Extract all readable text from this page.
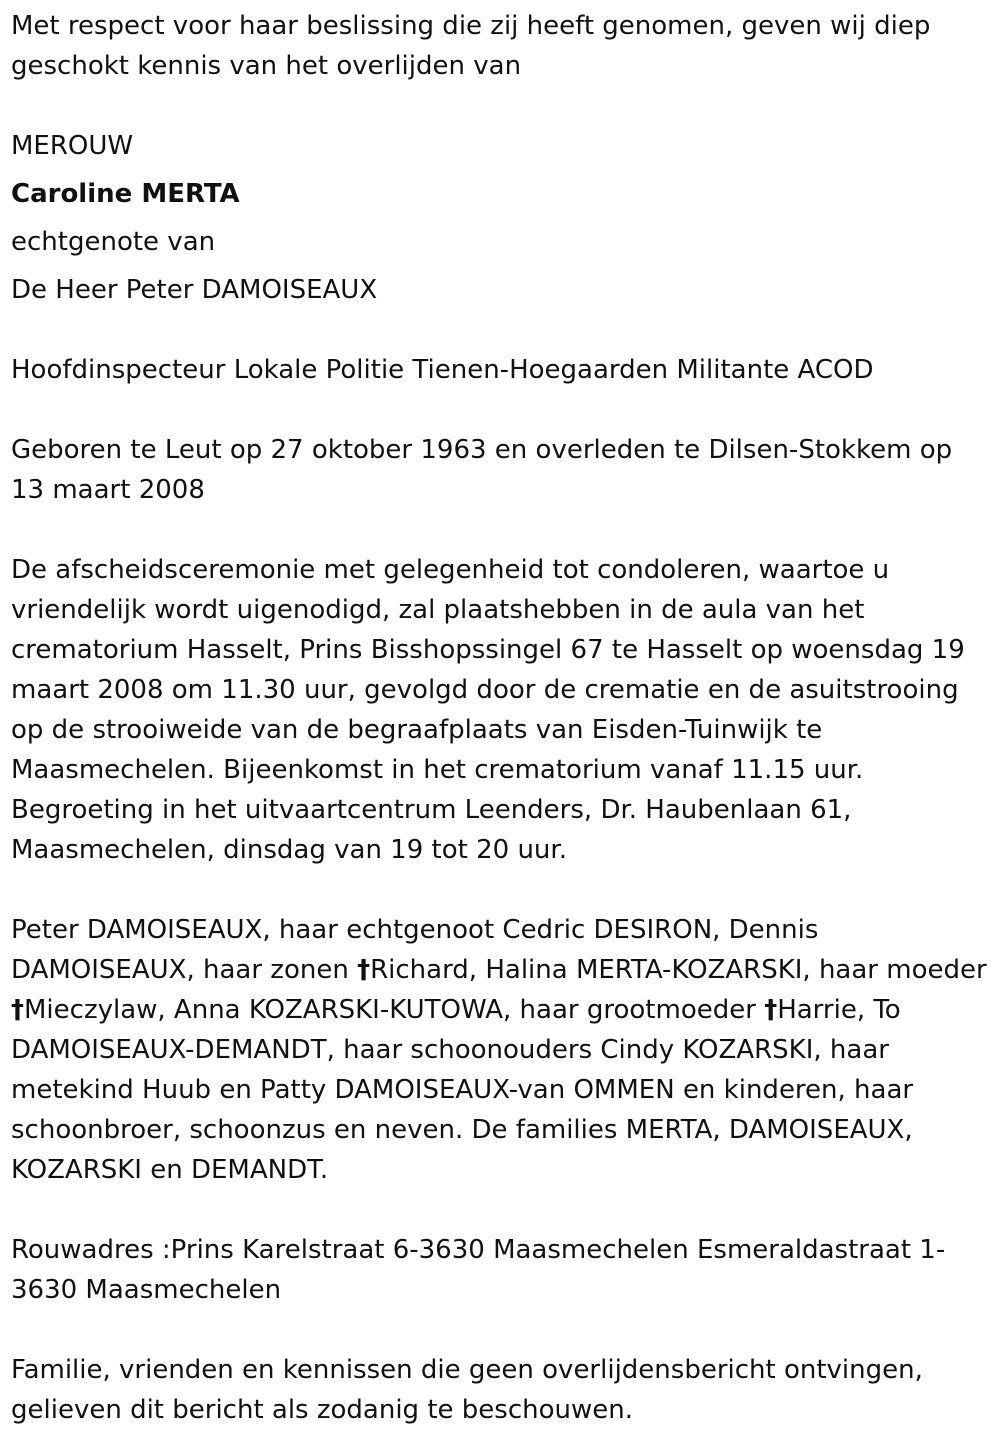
Met respect voor haar beslissing die zij heeft genomen, geven wij diep geschokt kennis van het overlijden van

MEROUW

Caroline MERTA

echtgenote van

De Heer Peter DAMOISEAUX

Hoofdinspecteur Lokale Politie Tienen-Hoegaarden Militante ACOD

Geboren te Leut op 27 oktober 1963 en overleden te Dilsen-Stokkem op 13 maart 2008

De afscheidsceremonie met gelegenheid tot condoleren, waartoe u vriendelijk wordt uigenodigd, zal plaatshebben in de aula van het crematorium Hasselt, Prins Bisshopssingel 67 te Hasselt op woensdag 19 maart 2008 om 11.30 uur, gevolgd door de crematie en de asuitstrooing op de strooiweide van de begraafplaats van Eisden-Tuinwijk te Maasmechelen. Bijeenkomst in het crematorium vanaf 11.15 uur. Begroeting in het uitvaartcentrum Leenders, Dr. Haubenlaan 61, Maasmechelen, dinsdag van 19 tot 20 uur.

Peter DAMOISEAUX, haar echtgenoot Cedric DESIRON, Dennis DAMOISEAUX, haar zonen †Richard, Halina MERTA-KOZARSKI, haar moeder †Mieczylaw, Anna KOZARSKI-KUTOWA, haar grootmoeder †Harrie, To DAMOISEAUX-DEMANDT, haar schoonouders Cindy KOZARSKI, haar metekind Huub en Patty DAMOISEAUX-van OMMEN en kinderen, haar schoonbroer, schoonzus en neven. De families MERTA, DAMOISEAUX, KOZARSKI en DEMANDT.

Rouwadres :Prins Karelstraat 6-3630 Maasmechelen Esmeraldastraat 1-3630 Maasmechelen

Familie, vrienden en kennissen die geen overlijdensbericht ontvingen, gelieven dit bericht als zodanig te beschouwen.
